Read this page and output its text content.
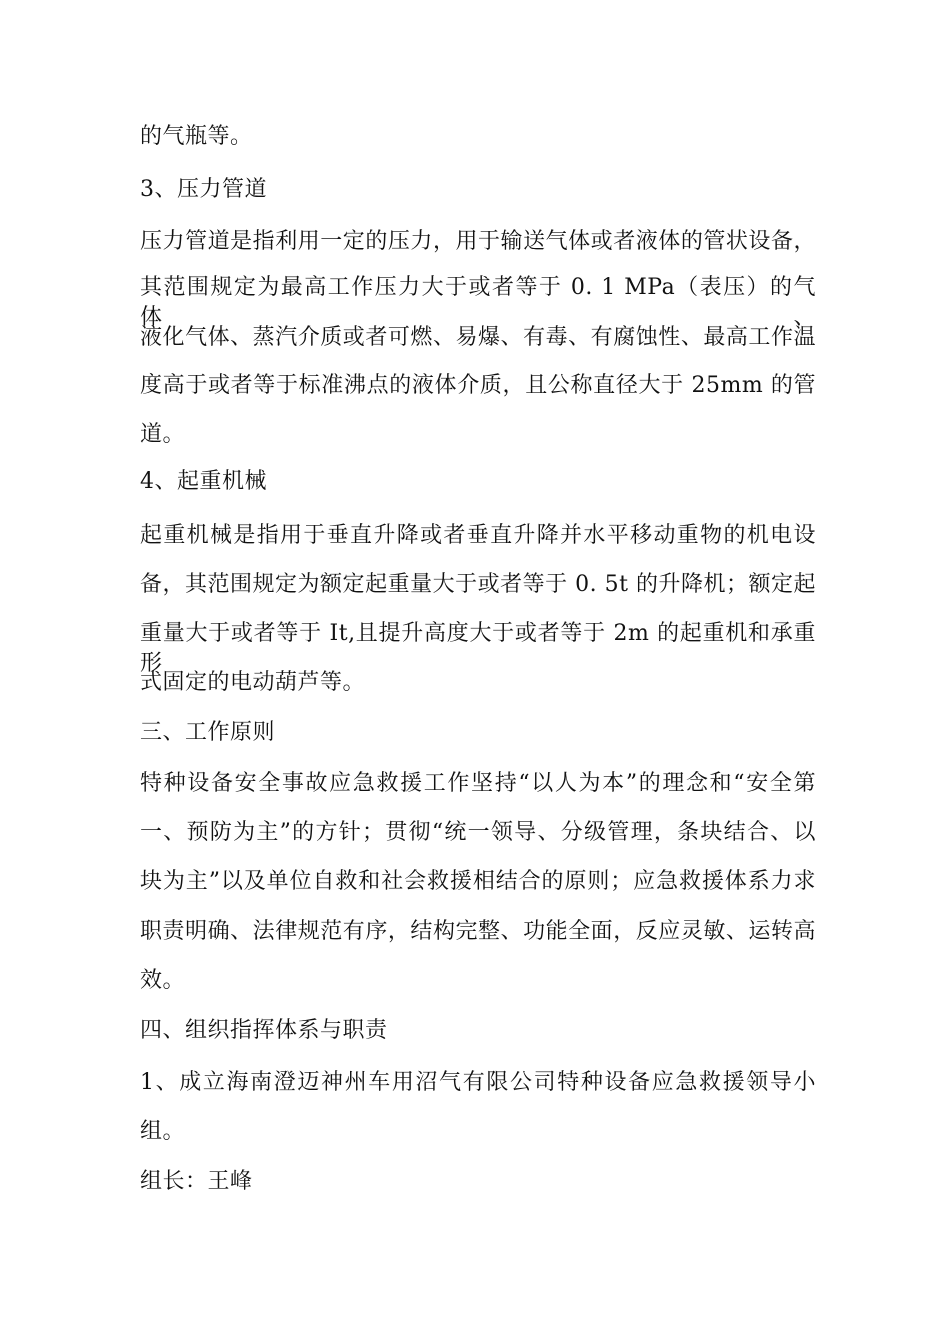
的气瓶等。
3、压力管道
压力管道是指利用一定的压力，用于输送气体或者液体的管状设备，
其范围规定为最高工作压力大于或者等于 0. 1 MPa（表压）的气体、
液化气体、蒸汽介质或者可燃、易爆、有毒、有腐蚀性、最高工作温
度高于或者等于标准沸点的液体介质，且公称直径大于 25mm 的管
道。
4、起重机械
起重机械是指用于垂直升降或者垂直升降并水平移动重物的机电设
备，其范围规定为额定起重量大于或者等于 0. 5t 的升降机；额定起
重量大于或者等于 It,且提升高度大于或者等于 2m 的起重机和承重形
式固定的电动葫芦等。
三、工作原则
特种设备安全事故应急救援工作坚持“以人为本”的理念和“安全第
一、预防为主”的方针；贯彻“统一领导、分级管理，条块结合、以
块为主”以及单位自救和社会救援相结合的原则；应急救援体系力求
职责明确、法律规范有序，结构完整、功能全面，反应灵敏、运转高
效。
四、组织指挥体系与职责
1、成立海南澄迈神州车用沼气有限公司特种设备应急救援领导小
组。
组长：王峰
